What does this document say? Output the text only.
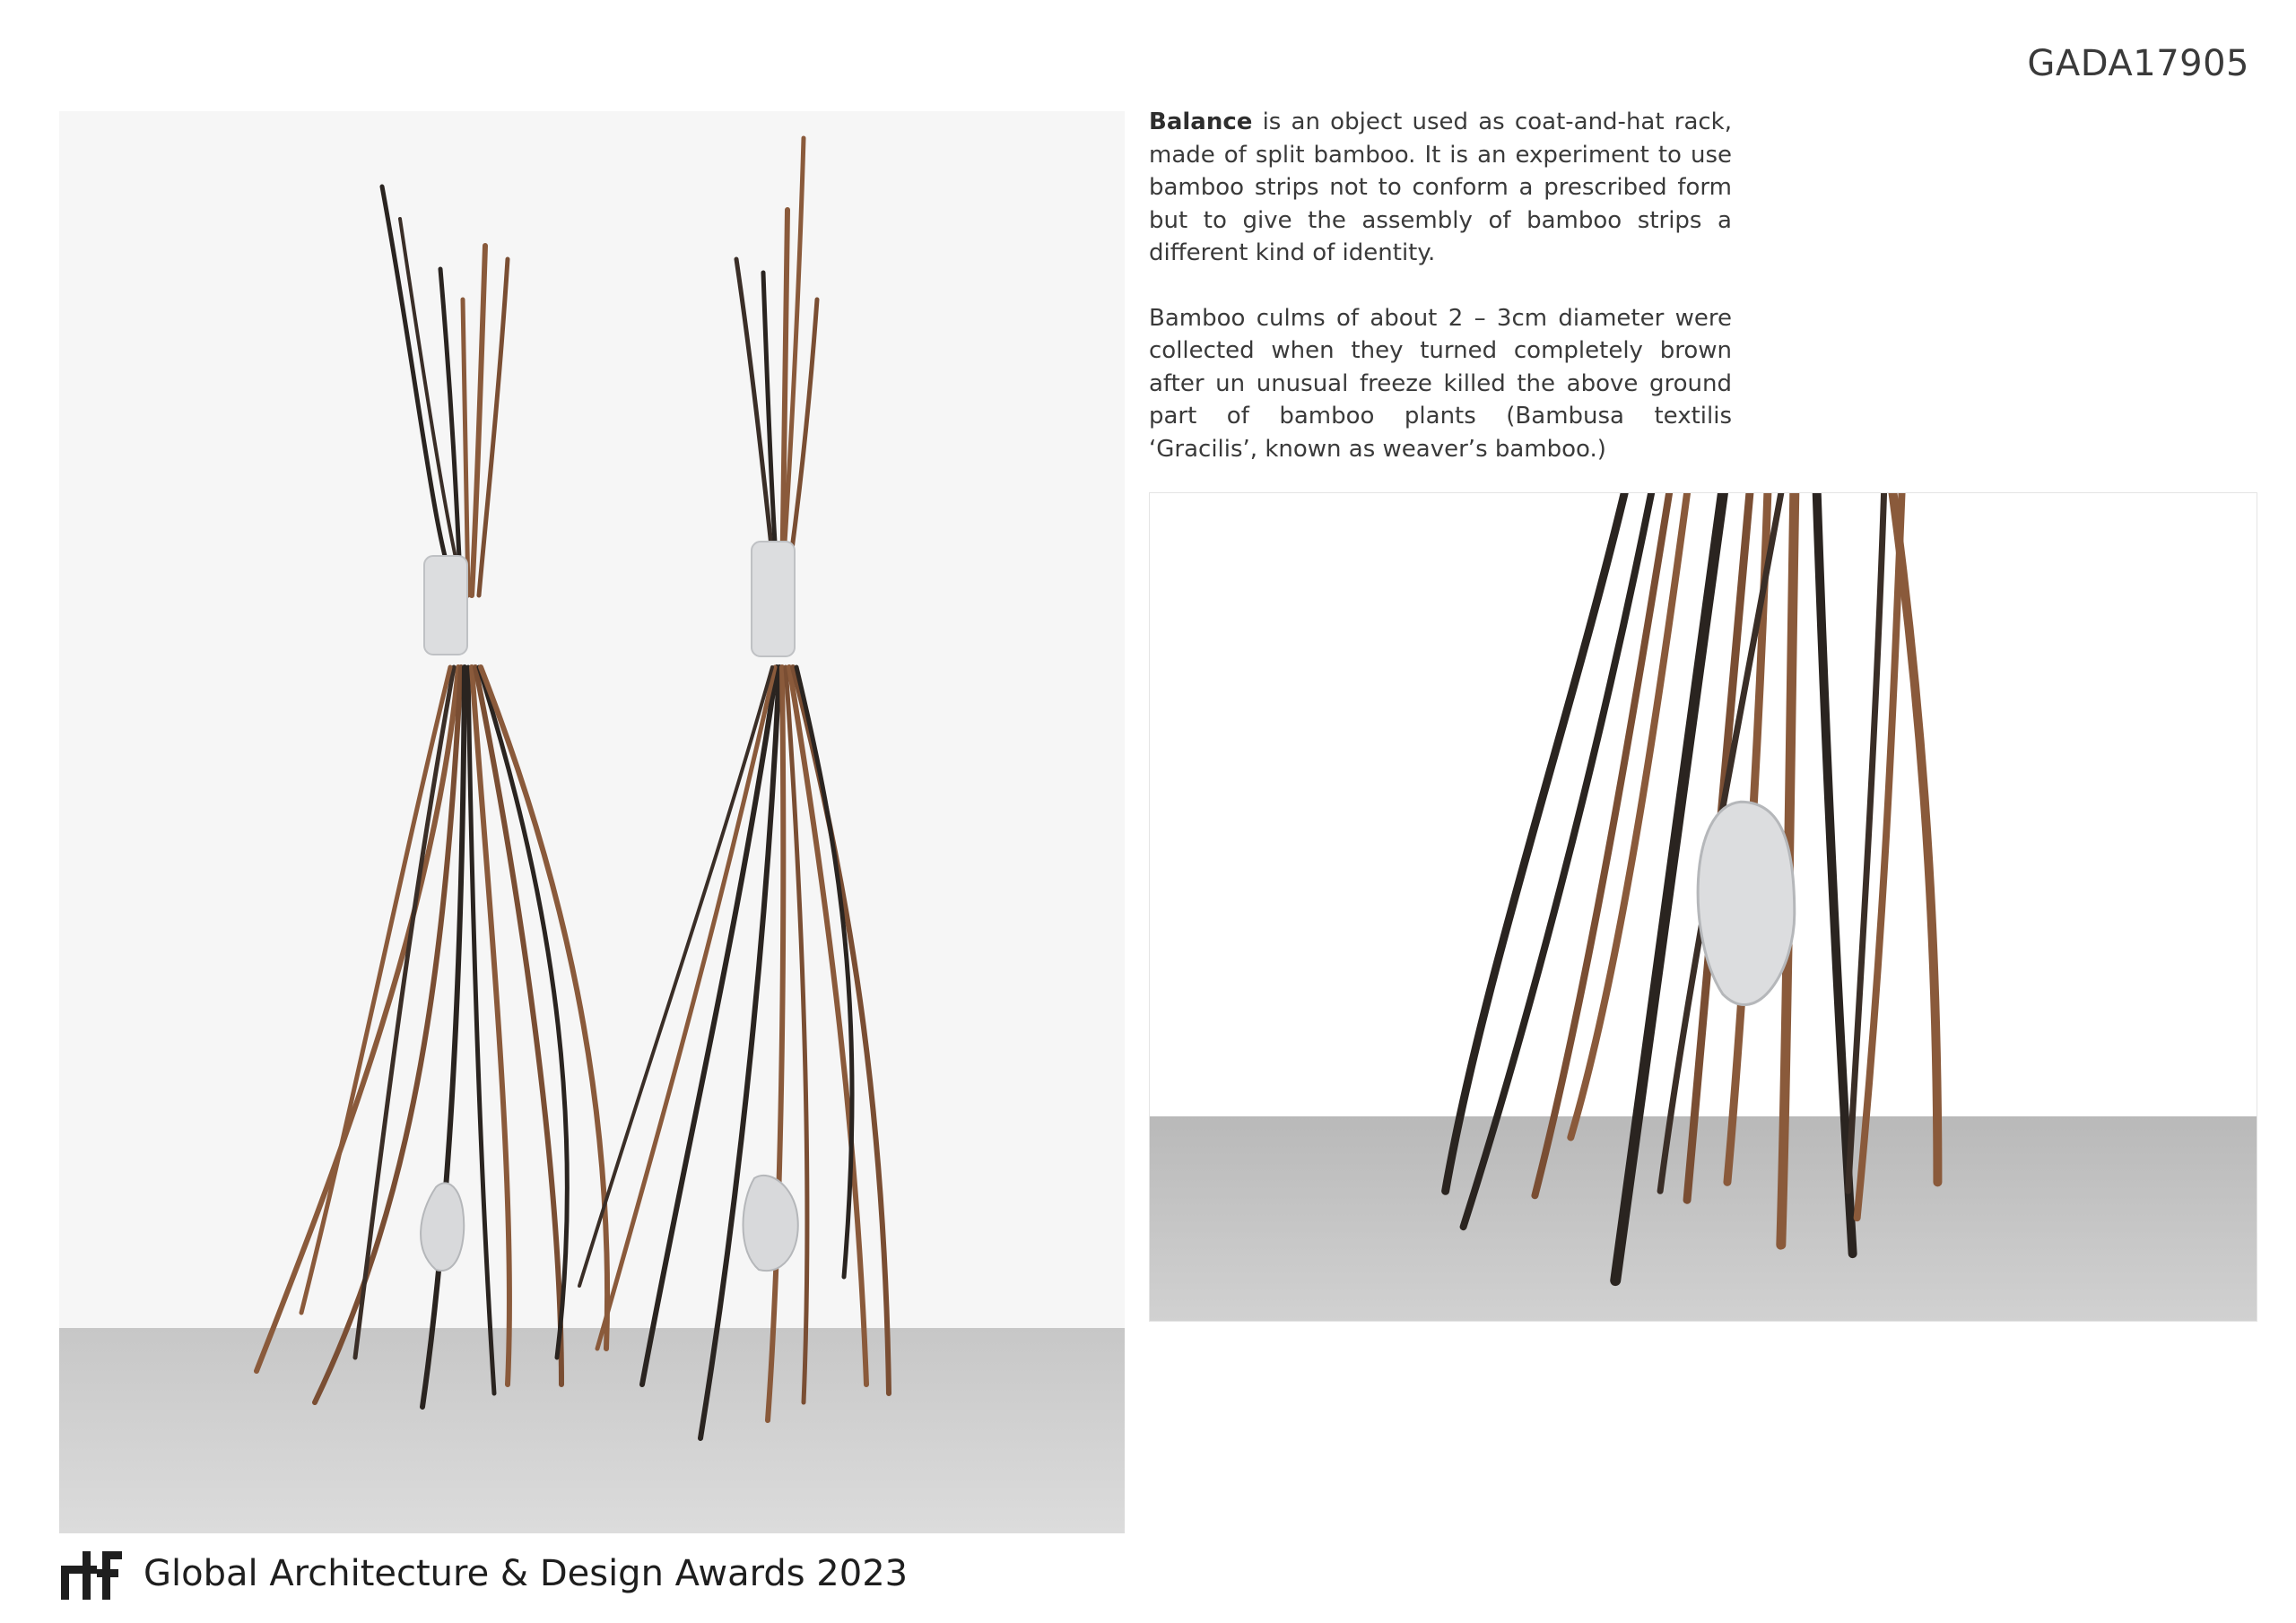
GADA17905

Balance is an object used as coat-and-hat rack, made of split bamboo. It is an experiment to use bamboo strips not to conform a prescribed form but to give the assembly of bamboo strips a different kind of identity.

Bamboo culms of about 2 – 3cm diameter were collected when they turned completely brown after un unusual freeze killed the above ground part of bamboo plants (Bambusa textilis ‘Gracilis’, known as weaver’s bamboo.)

Global Architecture & Design Awards 2023
